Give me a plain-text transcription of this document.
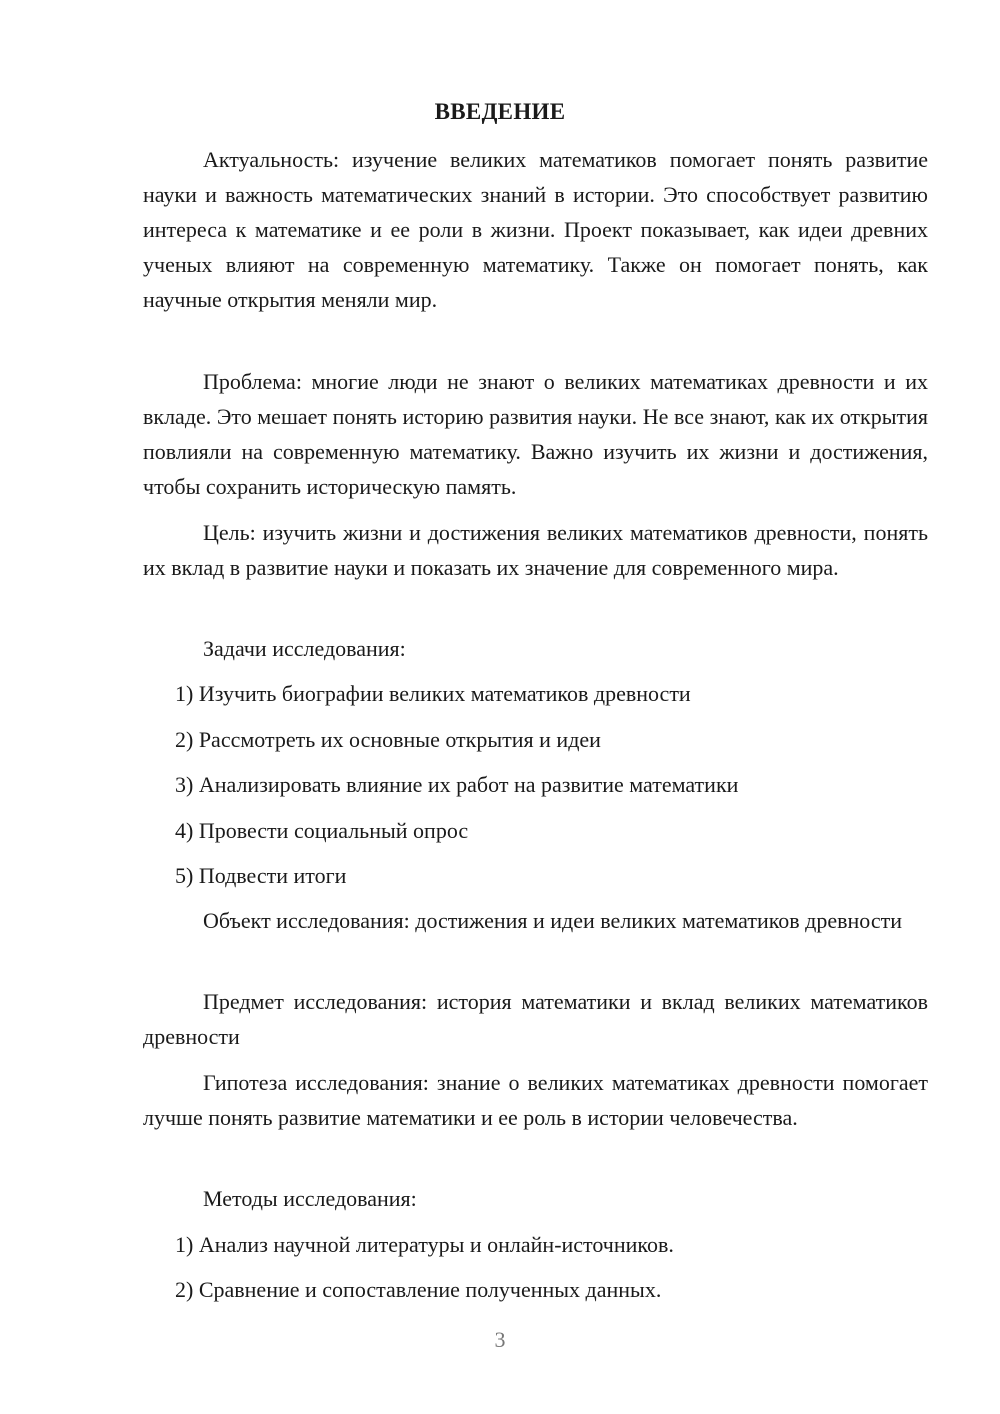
ВВЕДЕНИЕ

Актуальность: изучение великих математиков помогает понять развитие науки и важность математических знаний в истории. Это способствует развитию интереса к математике и ее роли в жизни. Проект показывает, как идеи древних ученых влияют на современную математику. Также он помогает понять, как научные открытия меняли мир.

Проблема: многие люди не знают о великих математиках древности и их вкладе. Это мешает понять историю развития науки. Не все знают, как их открытия повлияли на современную математику. Важно изучить их жизни и достижения, чтобы сохранить историческую память.

Цель: изучить жизни и достижения великих математиков древности, понять их вклад в развитие науки и показать их значение для современного мира.

Задачи исследования:

1) Изучить биографии великих математиков древности

2) Рассмотреть их основные открытия и идеи

3) Анализировать влияние их работ на развитие математики

4) Провести социальный опрос

5) Подвести итоги

Объект исследования: достижения и идеи великих математиков древности

Предмет исследования: история математики и вклад великих математиков древности

Гипотеза исследования: знание о великих математиках древности помогает лучше понять развитие математики и ее роль в истории человечества.

Методы исследования:

1) Анализ научной литературы и онлайн-источников.

2) Сравнение и сопоставление полученных данных.

3
